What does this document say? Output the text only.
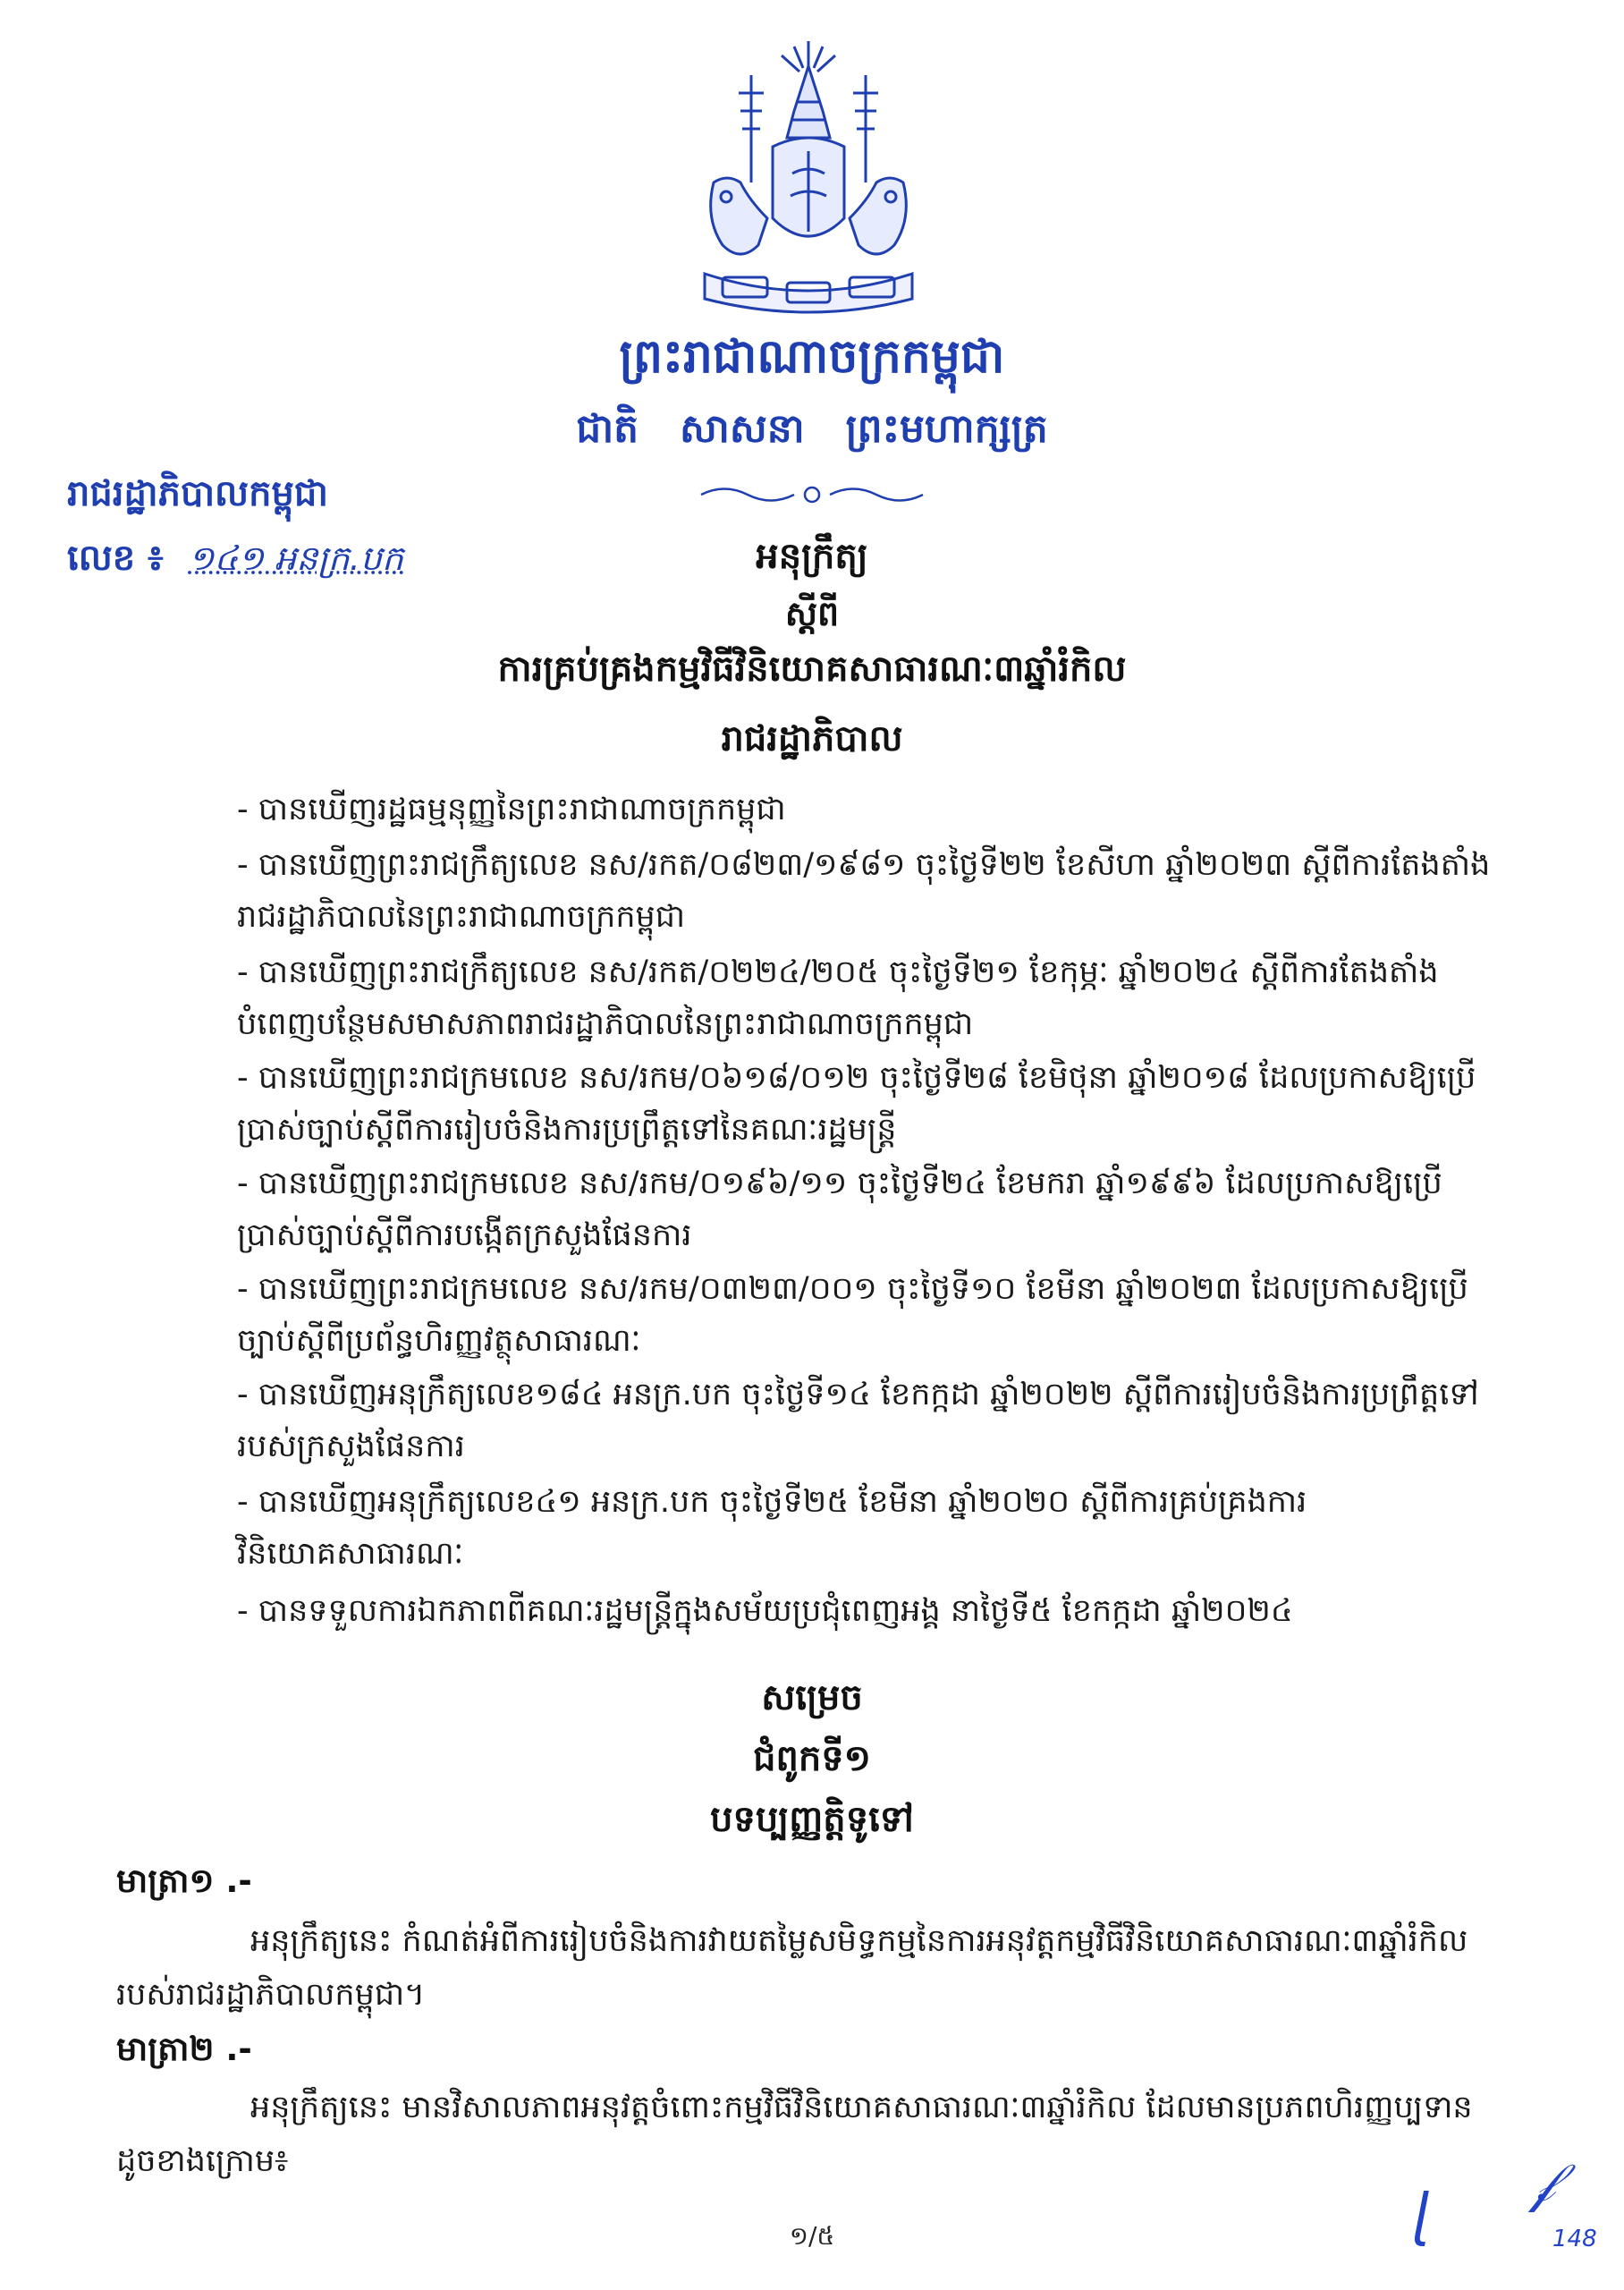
ព្រះរាជាណាចក្រកម្ពុជា
ជាតិ   សាសនា   ព្រះមហាក្សត្រ
រាជរដ្ឋាភិបាលកម្ពុជា
លេខ ៖ ១៤១ អនក្រ.បក	អនុក្រឹត្យ
ស្តីពី
ការគ្រប់គ្រងកម្មវិធីវិនិយោគសាធារណៈ៣ឆ្នាំរំកិល
រាជរដ្ឋាភិបាល
- បានឃើញរដ្ឋធម្មនុញ្ញនៃព្រះរាជាណាចក្រកម្ពុជា
- បានឃើញព្រះរាជក្រឹត្យលេខ នស/រកត/០៨២៣/១៩៨១ ចុះថ្ងៃទី២២ ខែសីហា ឆ្នាំ២០២៣ ស្តីពីការតែងតាំងរាជរដ្ឋាភិបាលនៃព្រះរាជាណាចក្រកម្ពុជា
- បានឃើញព្រះរាជក្រឹត្យលេខ នស/រកត/០២២៤/២០៥ ចុះថ្ងៃទី២១ ខែកុម្ភៈ ឆ្នាំ២០២៤ ស្តីពីការតែងតាំងបំពេញបន្ថែមសមាសភាពរាជរដ្ឋាភិបាលនៃព្រះរាជាណាចក្រកម្ពុជា
- បានឃើញព្រះរាជក្រមលេខ នស/រកម/០៦១៨/០១២ ចុះថ្ងៃទី២៨ ខែមិថុនា ឆ្នាំ២០១៨ ដែលប្រកាសឱ្យប្រើប្រាស់ច្បាប់ស្តីពីការរៀបចំនិងការប្រព្រឹត្តទៅនៃគណៈរដ្ឋមន្ត្រី
- បានឃើញព្រះរាជក្រមលេខ នស/រកម/០១៩៦/១១ ចុះថ្ងៃទី២៤ ខែមករា ឆ្នាំ១៩៩៦ ដែលប្រកាសឱ្យប្រើប្រាស់ច្បាប់ស្តីពីការបង្កើតក្រសួងផែនការ
- បានឃើញព្រះរាជក្រមលេខ នស/រកម/០៣២៣/០០១ ចុះថ្ងៃទី១០ ខែមីនា ឆ្នាំ២០២៣ ដែលប្រកាសឱ្យប្រើច្បាប់ស្តីពីប្រព័ន្ធហិរញ្ញវត្ថុសាធារណៈ
- បានឃើញអនុក្រឹត្យលេខ១៨៤ អនក្រ.បក ចុះថ្ងៃទី១៤ ខែកក្កដា ឆ្នាំ២០២២ ស្តីពីការរៀបចំនិងការប្រព្រឹត្តទៅរបស់ក្រសួងផែនការ
- បានឃើញអនុក្រឹត្យលេខ៤១ អនក្រ.បក ចុះថ្ងៃទី២៥ ខែមីនា ឆ្នាំ២០២០ ស្តីពីការគ្រប់គ្រងការវិនិយោគសាធារណៈ
- បានទទួលការឯកភាពពីគណៈរដ្ឋមន្ត្រីក្នុងសម័យប្រជុំពេញអង្គ នាថ្ងៃទី៥ ខែកក្កដា ឆ្នាំ២០២៤
សម្រេច
ជំពូកទី១
បទប្បញ្ញត្តិទូទៅ
មាត្រា១ .-
អនុក្រឹត្យនេះ កំណត់អំពីការរៀបចំនិងការវាយតម្លៃសមិទ្ធកម្មនៃការអនុវត្តកម្មវិធីវិនិយោគសាធារណៈ៣ឆ្នាំរំកិលរបស់រាជរដ្ឋាភិបាលកម្ពុជា។
មាត្រា២ .-
អនុក្រឹត្យនេះ មានវិសាលភាពអនុវត្តចំពោះកម្មវិធីវិនិយោគសាធារណៈ៣ឆ្នាំរំកិល ដែលមានប្រភពហិរញ្ញប្បទាន ដូចខាងក្រោម៖
១/៥	ɭ 𝒻
148
